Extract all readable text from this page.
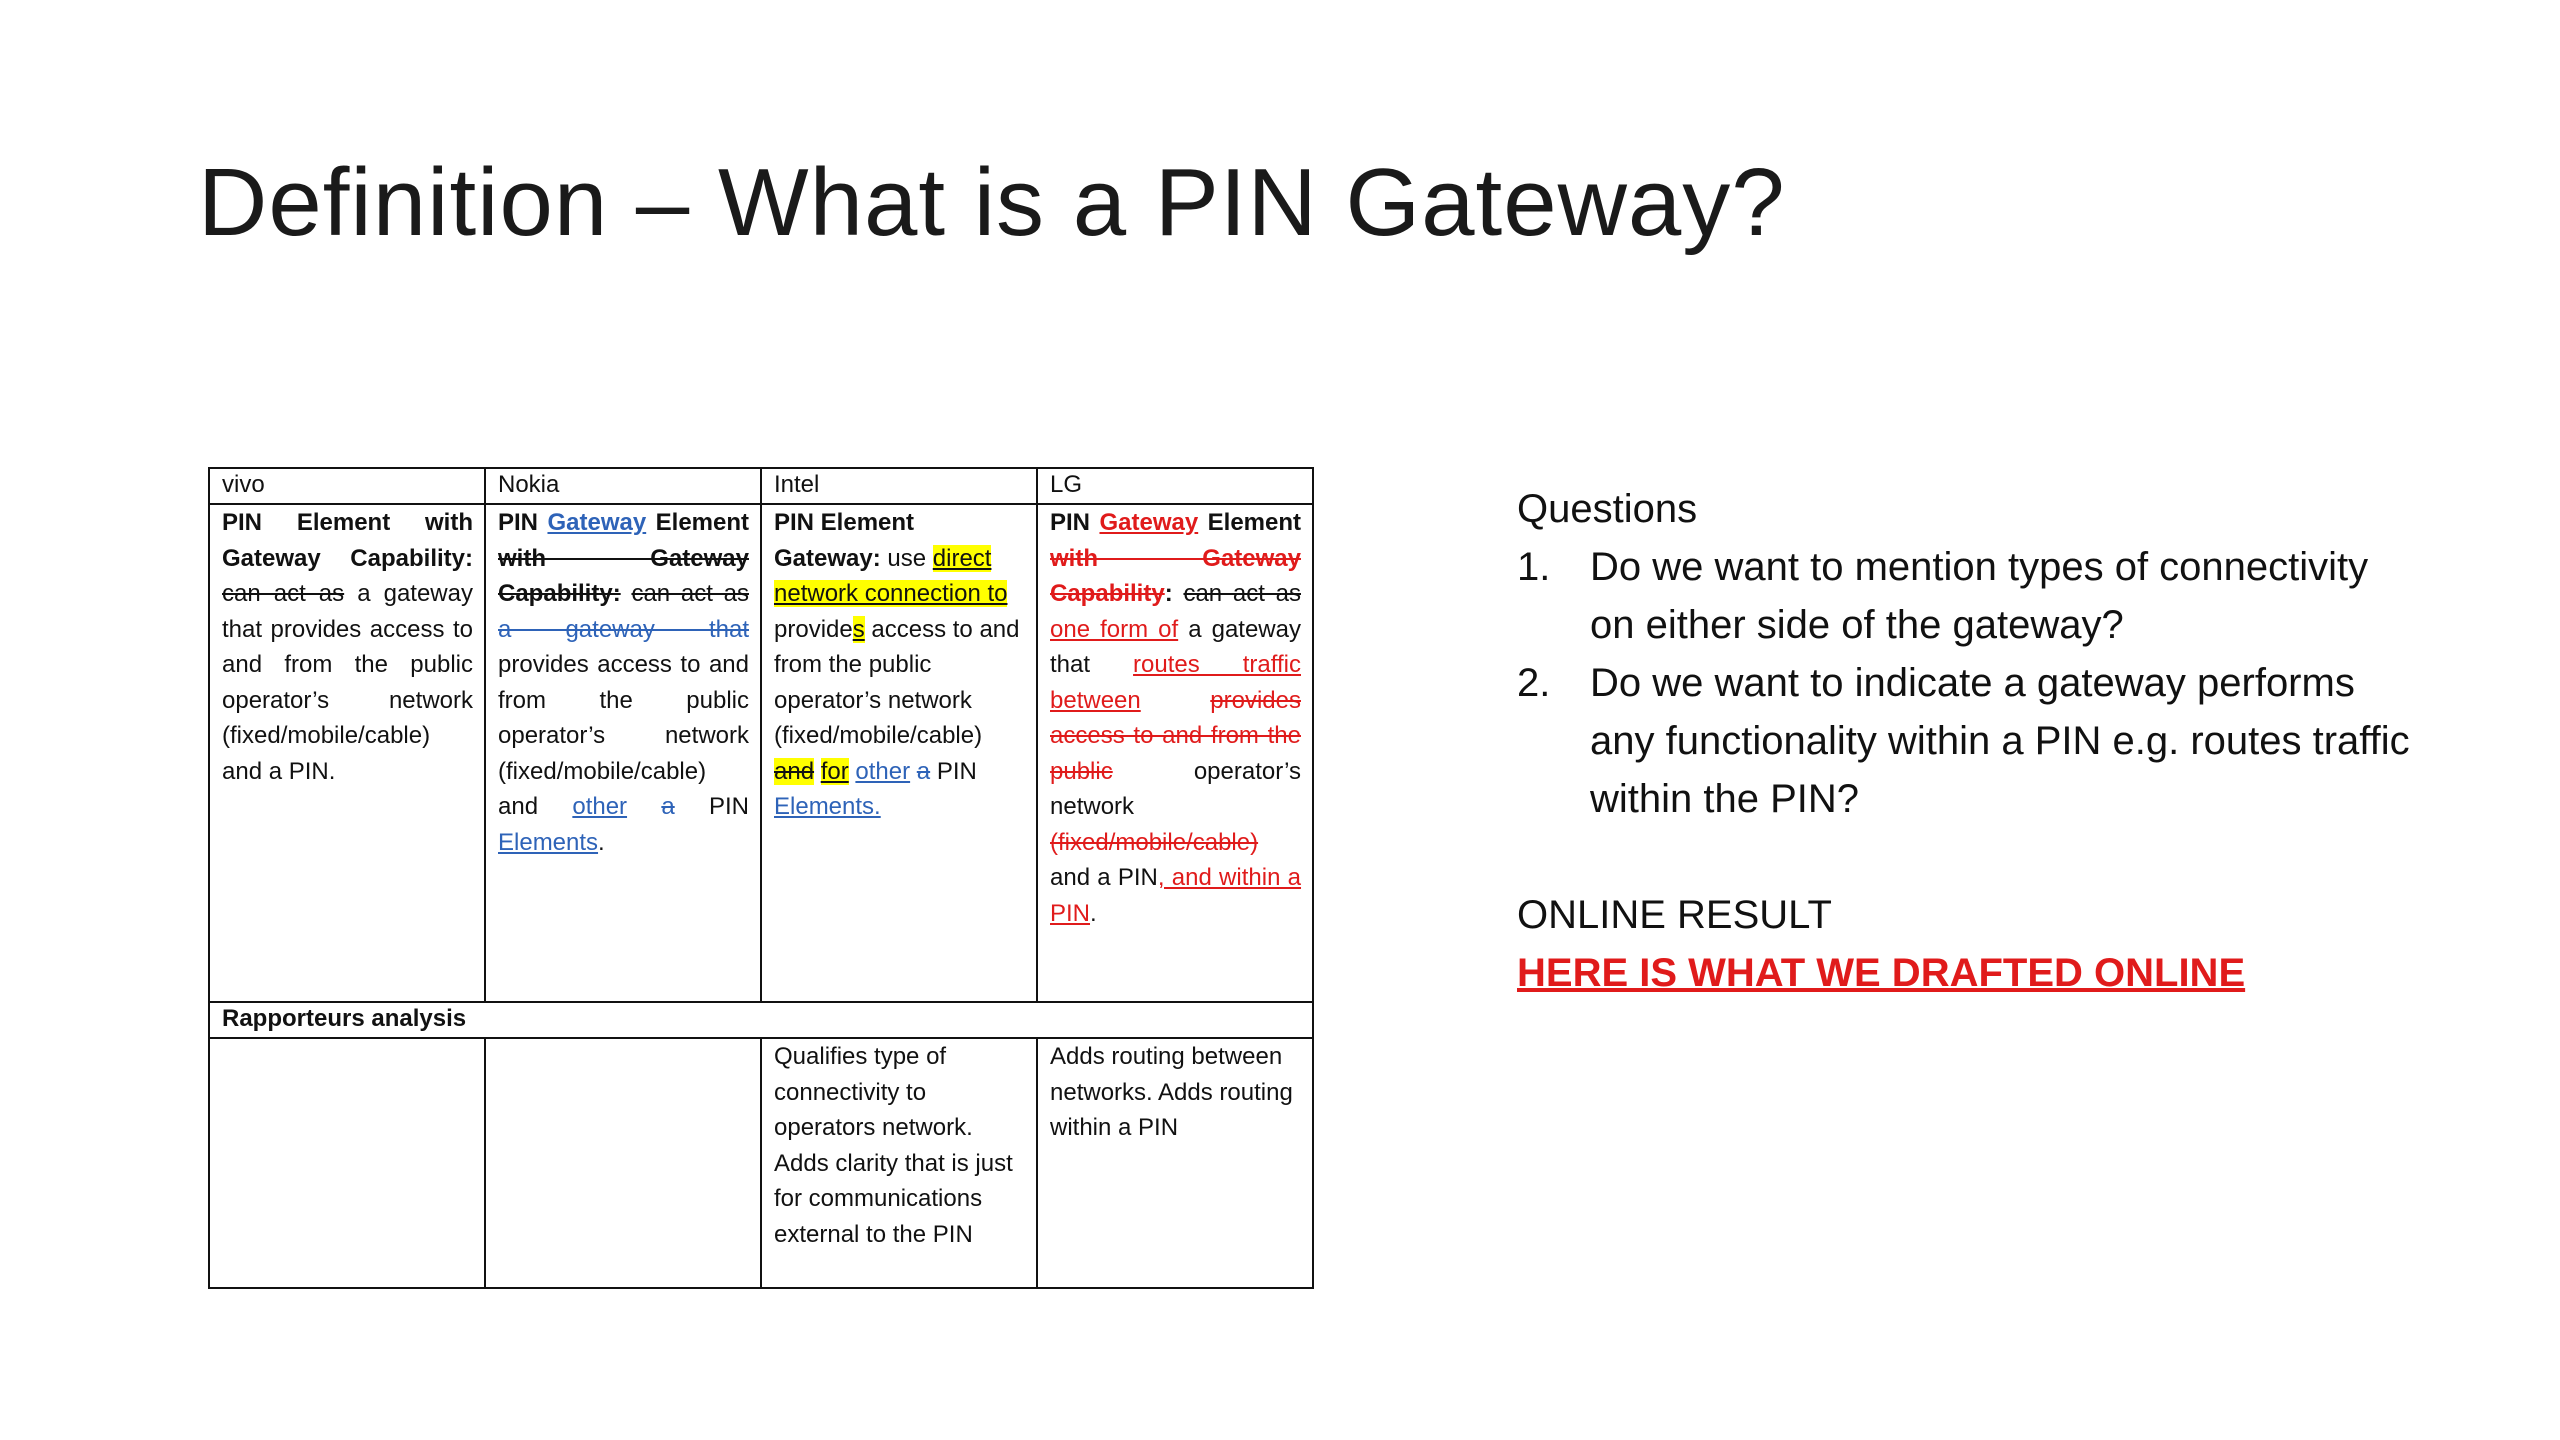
Definition – What is a PIN Gateway?
vivo	Nokia	Intel	LG
PIN Element with Gateway Capability: can act as a gateway that provides access to and from the public operator’s network (fixed/mobile/cable) and a PIN.	PIN Gateway Element with Gateway Capability: can act as a gateway that provides access to and from the public operator’s network (fixed/mobile/cable) and other a PIN Elements.	PIN Element Gateway: use direct network connection to provides access to and from the public operator’s network (fixed/mobile/cable) and for other a PIN Elements.	PIN Gateway Element with Gateway Capability: can act as one form of a gateway that routes traffic between provides access to and from the public operator’s network (fixed/mobile/cable) and a PIN, and within a PIN.
Rapporteurs analysis			
		Qualifies type of connectivity to operators network. Adds clarity that is just for communications external to the PIN	Adds routing between networks. Adds routing within a PIN
Questions
1. Do we want to mention types of connectivity on either side of the gateway?
2. Do we want to indicate a gateway performs any functionality within a PIN e.g. routes traffic within the PIN?
ONLINE RESULT
HERE IS WHAT WE DRAFTED ONLINE
